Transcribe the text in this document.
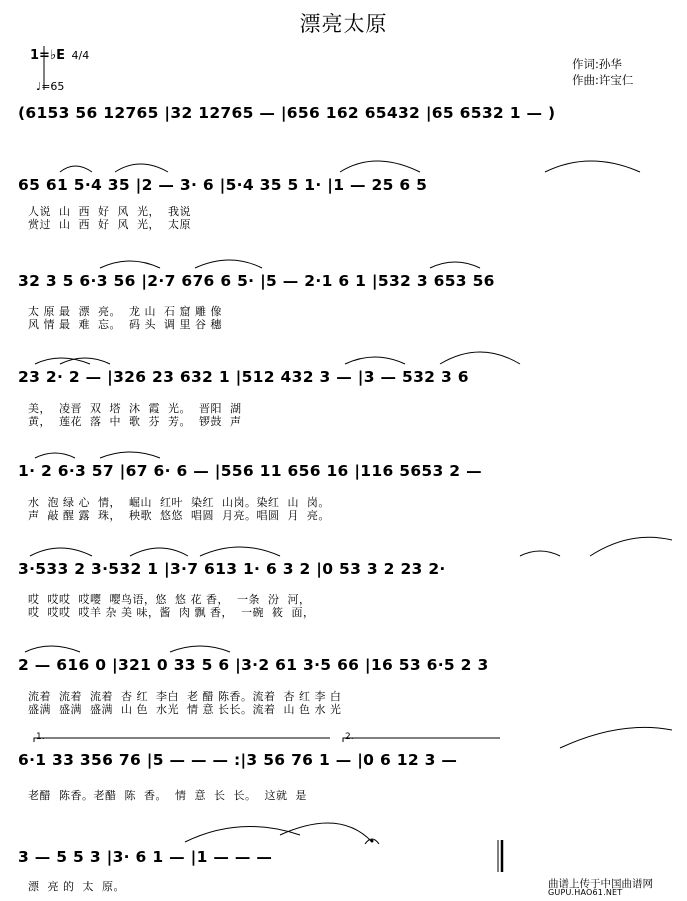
漂亮太原
作词:孙华
作曲:许宝仁
1=♭E 4/4
♩=65
(6153 56 12765 |32 12765 — |656 162 65432 |65 6532 1 — )
65 61 5·4 35 |2 — 3· 6 |5·4 35 5 1· |1 — 25 6 5
人说  山  西  好  风  光，  我说
赏过  山  西  好  风  光，  太原
32 3 5 6·3 56 |2·7 676 6 5· |5 — 2·1 6 1 |532 3 653 56
太 原 最  漂  亮。  龙 山  石 窟 雕 像
风 情 最  难  忘。  码 头  调 里 谷 穗
23 2· 2 — |326 23 632 1 |512 432 3 — |3 — 532 3 6
美，  凌晋  双  塔  沐  霞  光。  晋阳  湖
黄，  莲花  落  中  歌  芬  芳。  锣鼓  声
1· 2 6·3 57 |67 6· 6 — |556 11 656 16 |116 5653 2 —
水  泡 绿 心  情，  崛山  红叶  染红  山岗。染红  山  岗。
声  敲 醒 露  珠，  秧歌  悠悠  唱圆  月亮。唱圆  月  亮。
3·533 2 3·532 1 |3·7 613 1· 6 3 2 |0 53 3 2 23 2·
哎  哎哎  哎嘤  嘤鸟语，悠  悠 花 香，  一条  汾  河，
哎  哎哎  哎羊 杂 美 味，酱  肉 飘 香，  一碗  筱  面，
2 — 616 0 |321 0 33 5 6 |3·2 61 3·5 66 |16 53 6·5 2 3
流着  流着  流着  杏 红  李白  老 醋 陈香。流着  杏 红 李 白
盛满  盛满  盛满  山 色  水光  情 意 长长。流着  山 色 水 光
6·1 33 356 76 |5 — — — :|3 56 76 1 — |0 6 12 3 —
老醋  陈香。老醋  陈  香。  情  意  长  长。  这就  是
1.	2.
3 — 5 5 3 |3· 6 1 — |1 — — —
漂  亮 的  太  原。	曲谱上传于中国曲谱网
GUPU.HAO61.NET
